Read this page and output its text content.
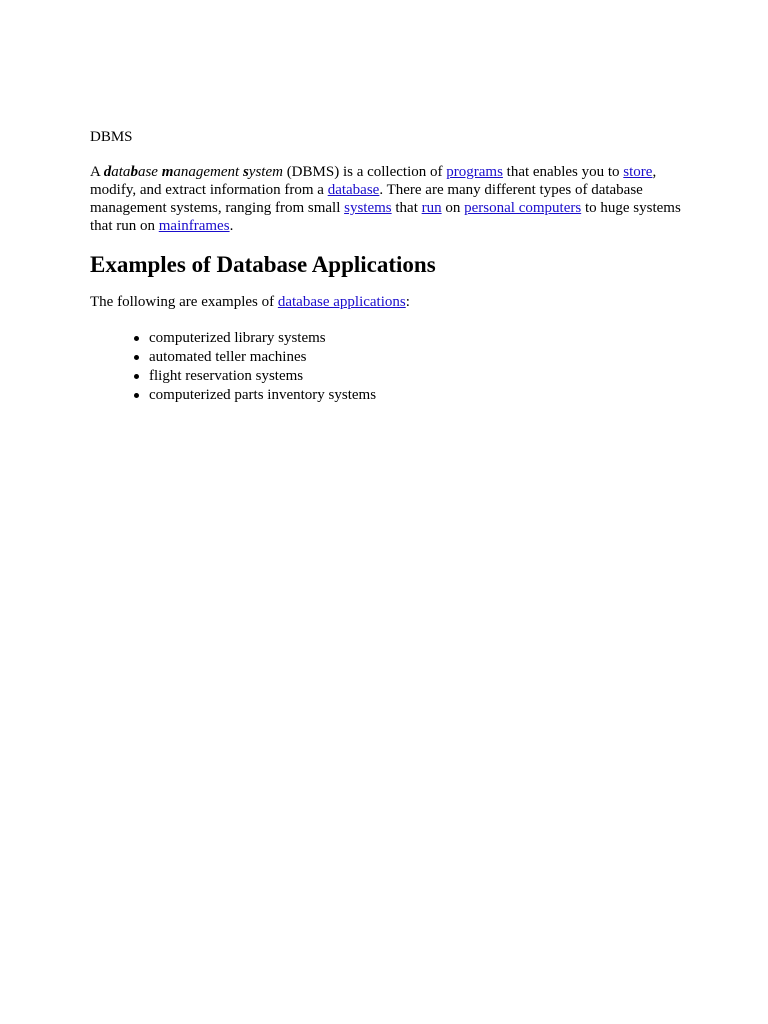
DBMS

A database management system (DBMS) is a collection of programs that enables you to store, modify, and extract information from a database. There are many different types of database management systems, ranging from small systems that run on personal computers to huge systems that run on mainframes.

Examples of Database Applications

The following are examples of database applications:

computerized library systems
automated teller machines
flight reservation systems
computerized parts inventory systems
